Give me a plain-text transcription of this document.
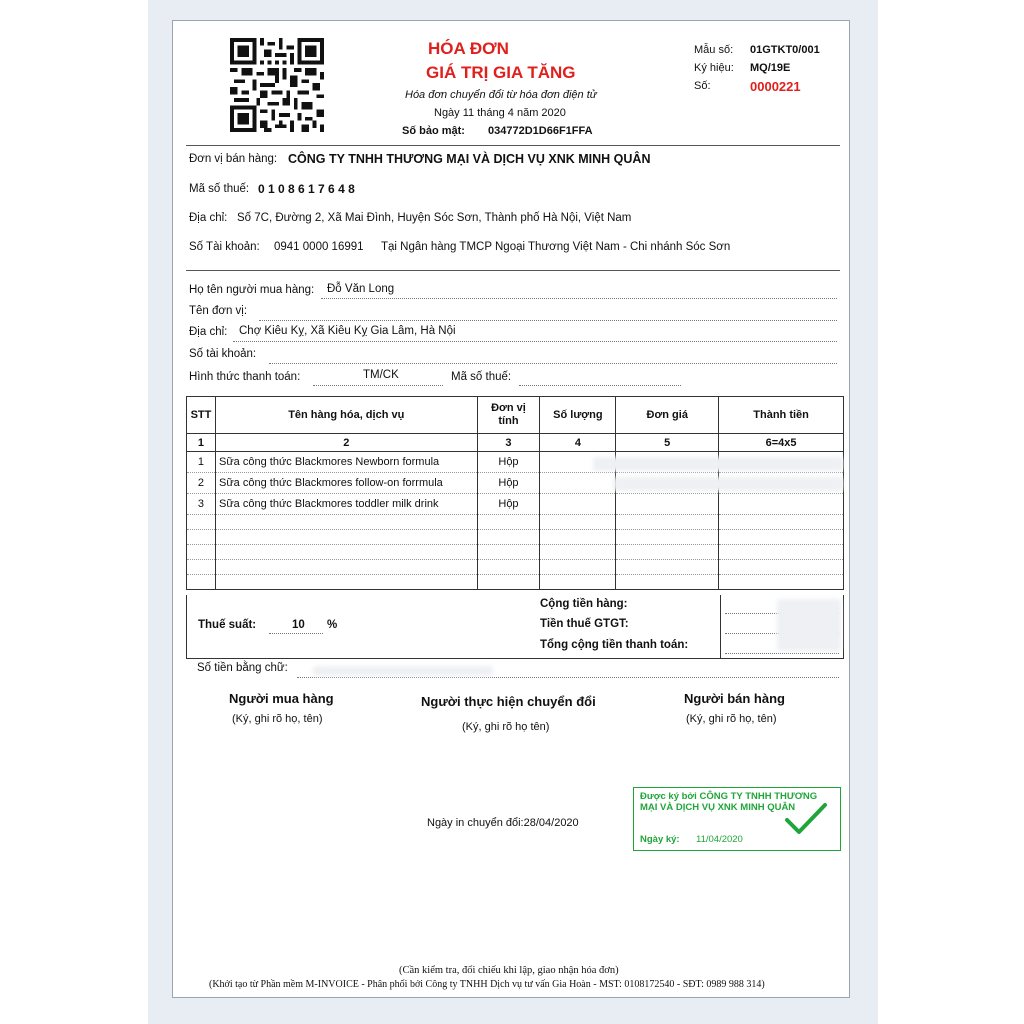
HÓA ĐƠN
GIÁ TRỊ GIA TĂNG
Hóa đơn chuyển đổi từ hóa đơn điện tử
Ngày 11 tháng 4 năm 2020
Số bảo mật: 034772D1D66F1FFA
Mẫu số: 01GTKT0/001
Ký hiệu: MQ/19E
Số:	0000221
Đơn vị bán hàng: CÔNG TY TNHH THƯƠNG MẠI VÀ DỊCH VỤ XNK MINH QUÂN
Mã số thuế: 0 1 0 8 6 1 7 6 4 8
Địa chỉ: Số 7C, Đường 2, Xã Mai Đình, Huyện Sóc Sơn, Thành phố Hà Nội, Việt Nam
Số Tài khoản: 0941 0000 16991 Tại Ngân hàng TMCP Ngoại Thương Việt Nam - Chi nhánh Sóc Sơn
Họ tên người mua hàng: Đỗ Văn Long
Tên đơn vị:
Địa chỉ: Chợ Kiêu Kỵ, Xã Kiêu Kỵ Gia Lâm, Hà Nội
Số tài khoản:
Hình thức thanh toán:	TM/CK	Mã số thuế:
STT	Tên hàng hóa, dịch vụ	Đơn vị tính	Số lượng	Đơn giá	Thành tiền
1	2	3	4	5	6=4x5
1	Sữa công thức Blackmores Newborn formula	Hộp			
2	Sữa công thức Blackmores follow-on forrmula	Hộp			
3	Sữa công thức Blackmores toddler milk drink	Hộp			

Thuế suất:	10 %
Cộng tiền hàng:
Tiền thuế GTGT:
Tổng cộng tiền thanh toán:
Số tiền bằng chữ:
Người mua hàng
(Ký, ghi rõ họ, tên)
Người thực hiện chuyển đổi
(Ký, ghi rõ họ tên)
Người bán hàng
(Ký, ghi rõ họ, tên)
Ngày in chuyển đổi:28/04/2020
Được ký bởi CÔNG TY TNHH THƯƠNG MẠI VÀ DỊCH VỤ XNK MINH QUÂN
Ngày ký: 11/04/2020
(Cần kiểm tra, đối chiếu khi lập, giao nhận hóa đơn)
(Khởi tạo từ Phần mềm M-INVOICE - Phân phối bởi Công ty TNHH Dịch vụ tư vấn Gia Hoàn - MST: 0108172540 - SĐT: 0989 988 314)
